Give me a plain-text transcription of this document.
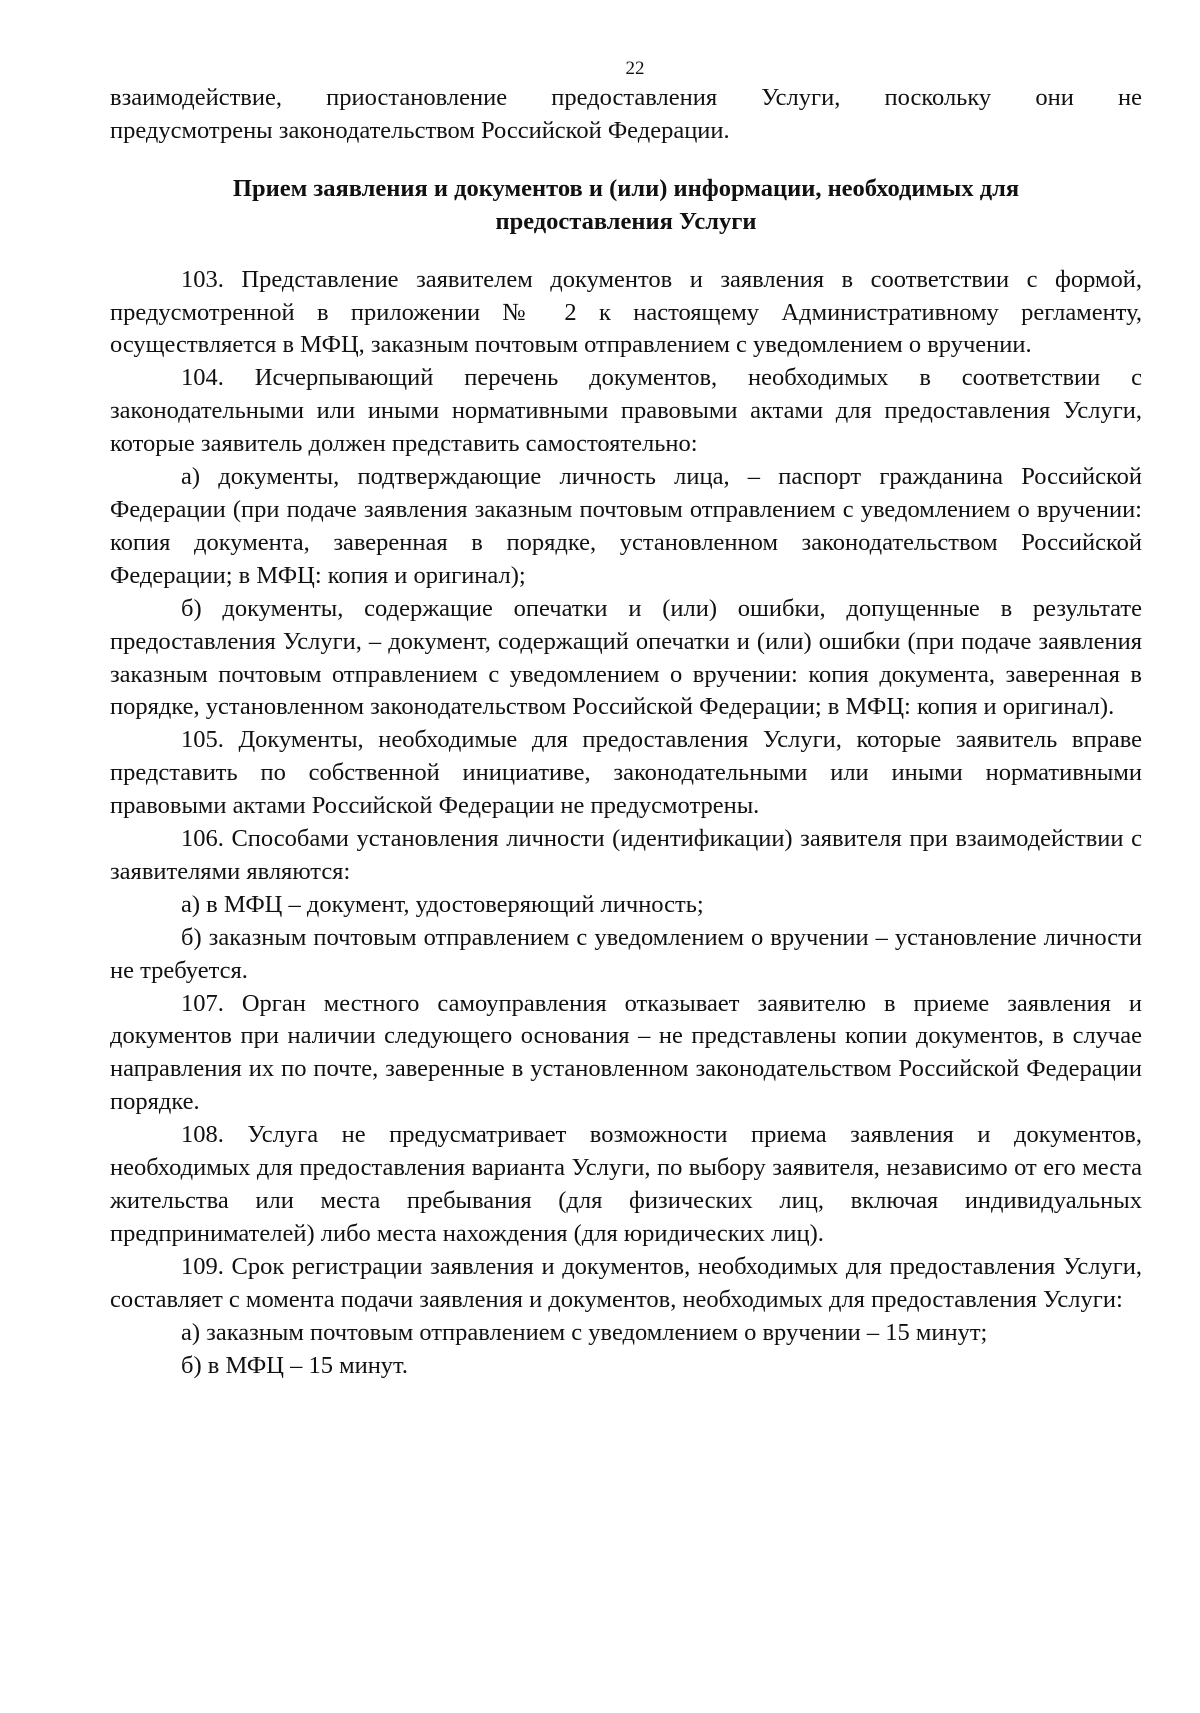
22

взаимодействие, приостановление предоставления Услуги, поскольку они не

предусмотрены законодательством Российской Федерации.

Прием заявления и документов и (или) информации, необходимых для
предоставления Услуги

103. Представление заявителем документов и заявления в соответствии с формой, предусмотренной в приложении № 2 к настоящему Административному регламенту, осуществляется в МФЦ, заказным почтовым отправлением с уведомлением о вручении.

104. Исчерпывающий перечень документов, необходимых в соответствии с законодательными или иными нормативными правовыми актами для предоставления Услуги, которые заявитель должен представить самостоятельно:

а) документы, подтверждающие личность лица, – паспорт гражданина Российской Федерации (при подаче заявления заказным почтовым отправлением с уведомлением о вручении: копия документа, заверенная в порядке, установленном законодательством Российской Федерации; в МФЦ: копия и оригинал);

б) документы, содержащие опечатки и (или) ошибки, допущенные в результате предоставления Услуги, – документ, содержащий опечатки и (или) ошибки (при подаче заявления заказным почтовым отправлением с уведомлением о вручении: копия документа, заверенная в порядке, установленном законодательством Российской Федерации; в МФЦ: копия и оригинал).

105. Документы, необходимые для предоставления Услуги, которые заявитель вправе представить по собственной инициативе, законодательными или иными нормативными правовыми актами Российской Федерации не предусмотрены.

106. Способами установления личности (идентификации) заявителя при взаимодействии с заявителями являются:

а) в МФЦ – документ, удостоверяющий личность;

б) заказным почтовым отправлением с уведомлением о вручении – установление личности не требуется.

107. Орган местного самоуправления отказывает заявителю в приеме заявления и документов при наличии следующего основания – не представлены копии документов, в случае направления их по почте, заверенные в установленном законодательством Российской Федерации порядке.

108. Услуга не предусматривает возможности приема заявления и документов, необходимых для предоставления варианта Услуги, по выбору заявителя, независимо от его места жительства или места пребывания (для физических лиц, включая индивидуальных предпринимателей) либо места нахождения (для юридических лиц).

109. Срок регистрации заявления и документов, необходимых для предоставления Услуги, составляет с момента подачи заявления и документов, необходимых для предоставления Услуги:

а) заказным почтовым отправлением с уведомлением о вручении – 15 минут;

б) в МФЦ – 15 минут.
